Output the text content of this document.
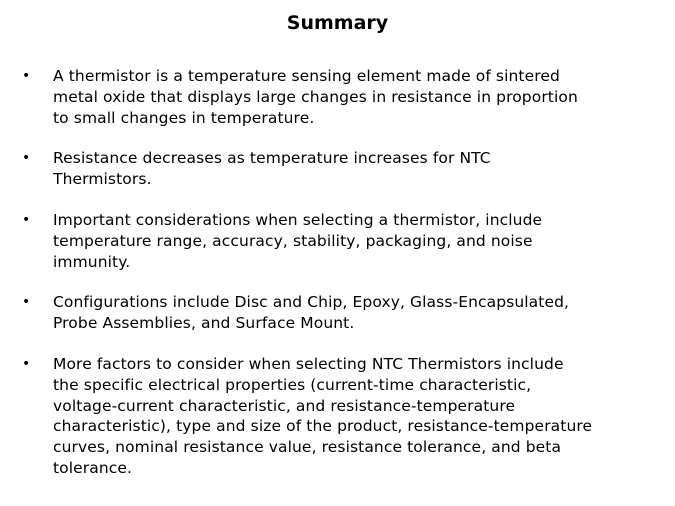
Summary
• A thermistor is a temperature sensing element made of sintered
metal oxide that displays large changes in resistance in proportion
to small changes in temperature.
• Resistance decreases as temperature increases for NTC
Thermistors.
• Important considerations when selecting a thermistor, include
temperature range, accuracy, stability, packaging, and noise
immunity.
• Configurations include Disc and Chip, Epoxy, Glass-Encapsulated,
Probe Assemblies, and Surface Mount.
• More factors to consider when selecting NTC Thermistors include
the specific electrical properties (current-time characteristic,
voltage-current characteristic, and resistance-temperature
characteristic), type and size of the product, resistance-temperature
curves, nominal resistance value, resistance tolerance, and beta
tolerance.
